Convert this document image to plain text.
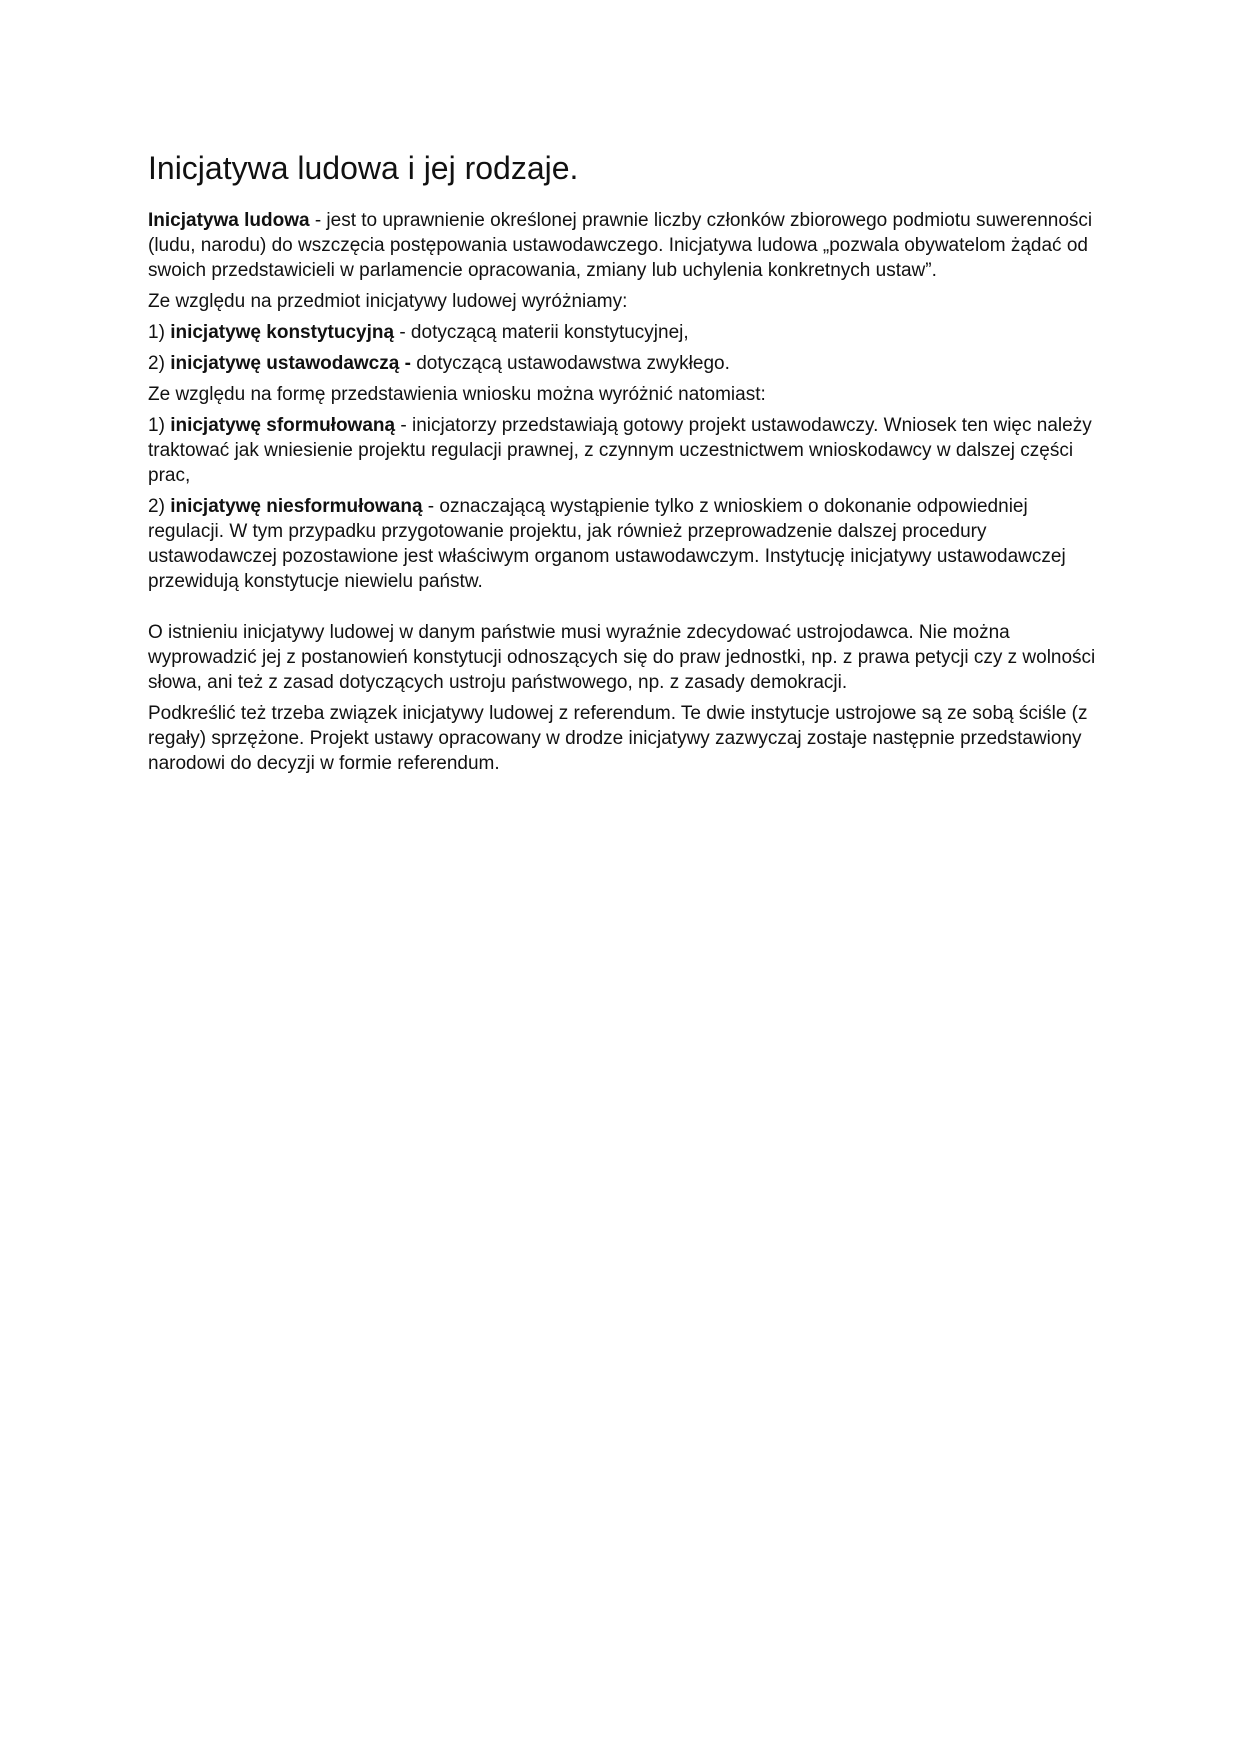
Inicjatywa ludowa i jej rodzaje.

Inicjatywa ludowa - jest to uprawnienie określonej prawnie liczby członków zbiorowego podmiotu suwerenności (ludu, narodu) do wszczęcia postępowania ustawodawczego. Inicjatywa ludowa „pozwala obywatelom żądać od swoich przedstawicieli w parlamencie opracowania, zmiany lub uchylenia konkretnych ustaw”.

Ze względu na przedmiot inicjatywy ludowej wyróżniamy:

1) inicjatywę konstytucyjną - dotyczącą materii konstytucyjnej,

2) inicjatywę ustawodawczą - dotyczącą ustawodawstwa zwykłego.

Ze względu na formę przedstawienia wniosku można wyróżnić natomiast:

1) inicjatywę sformułowaną - inicjatorzy przedstawiają gotowy projekt ustawodawczy. Wniosek ten więc należy traktować jak wniesienie projektu regulacji prawnej, z czynnym uczestnictwem wnioskodawcy w dalszej części prac,

2) inicjatywę niesformułowaną - oznaczającą wystąpienie tylko z wnioskiem o dokonanie odpowiedniej regulacji. W tym przypadku przygotowanie projektu, jak również przeprowadzenie dalszej procedury ustawodawczej pozostawione jest właściwym organom ustawodawczym. Instytucję inicjatywy ustawodawczej przewidują konstytucje niewielu państw.

O istnieniu inicjatywy ludowej w danym państwie musi wyraźnie zdecydować ustrojodawca. Nie można wyprowadzić jej z postanowień konstytucji odnoszących się do praw jednostki, np. z prawa petycji czy z wolności słowa, ani też z zasad dotyczących ustroju państwowego, np. z zasady demokracji.

Podkreślić też trzeba związek inicjatywy ludowej z referendum. Te dwie instytucje ustrojowe są ze sobą ściśle (z regały) sprzężone. Projekt ustawy opracowany w drodze inicjatywy zazwyczaj zostaje następnie przedstawiony narodowi do decyzji w formie referendum.
